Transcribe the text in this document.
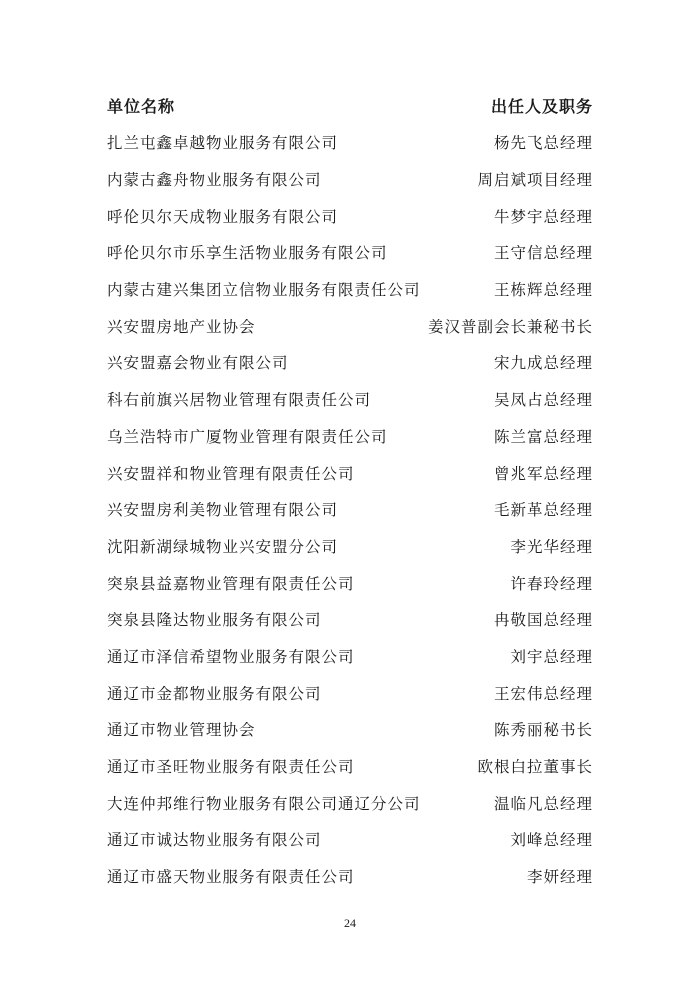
单位名称	出任人及职务
扎兰屯鑫卓越物业服务有限公司	杨先飞总经理
内蒙古鑫舟物业服务有限公司	周启斌项目经理
呼伦贝尔天成物业服务有限公司	牛梦宇总经理
呼伦贝尔市乐享生活物业服务有限公司	王守信总经理
内蒙古建兴集团立信物业服务有限责任公司	王栋辉总经理
兴安盟房地产业协会	姜汉普副会长兼秘书长
兴安盟嘉会物业有限公司	宋九成总经理
科右前旗兴居物业管理有限责任公司	吴凤占总经理
乌兰浩特市广厦物业管理有限责任公司	陈兰富总经理
兴安盟祥和物业管理有限责任公司	曾兆军总经理
兴安盟房利美物业管理有限公司	毛新革总经理
沈阳新湖绿城物业兴安盟分公司	李光华经理
突泉县益嘉物业管理有限责任公司	许春玲经理
突泉县隆达物业服务有限公司	冉敬国总经理
通辽市泽信希望物业服务有限公司	刘宇总经理
通辽市金都物业服务有限公司	王宏伟总经理
通辽市物业管理协会	陈秀丽秘书长
通辽市圣旺物业服务有限责任公司	欧根白拉董事长
大连仲邦维行物业服务有限公司通辽分公司	温临凡总经理
通辽市诚达物业服务有限公司	刘峰总经理
通辽市盛天物业服务有限责任公司	李妍经理
24
